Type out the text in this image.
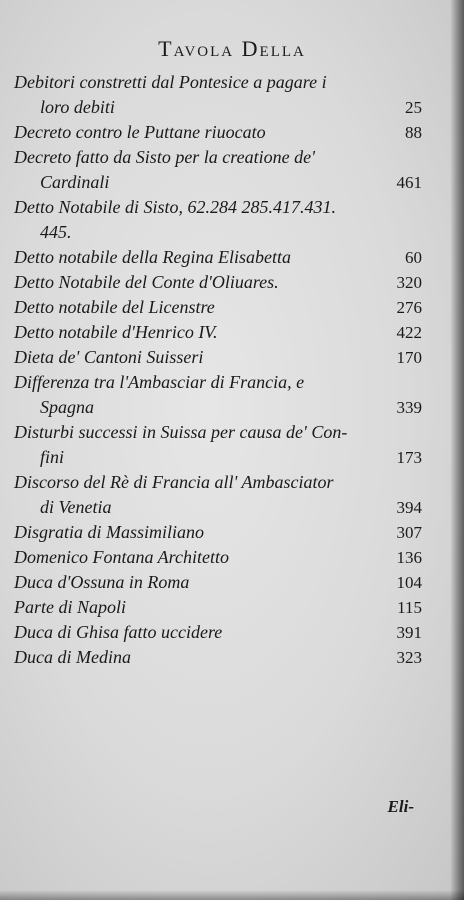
Tavola Della
Debitori constretti dal Pontesice a pagare i
loro debiti	25
Decreto contro le Puttane riuocato	88
Decreto fatto da Sisto per la creatione de'
Cardinali	461
Detto Notabile di Sisto, 62.284 285.417.431.
445.
Detto notabile della Regina Elisabetta	60
Detto Notabile del Conte d'Oliuares.	320
Detto notabile del Licenstre	276
Detto notabile d'Henrico IV.	422
Dieta de' Cantoni Suisseri	170
Differenza tra l'Ambasciar di Francia, e
Spagna	339
Disturbi successi in Suissa per causa de' Con-
fini	173
Discorso del Rè di Francia all' Ambasciator
di Venetia	394
Disgratia di Massimiliano	307
Domenico Fontana Architetto	136
Duca d'Ossuna in Roma	104
Parte di Napoli	115
Duca di Ghisa fatto uccidere	391
Duca di Medina	323
Eli-
